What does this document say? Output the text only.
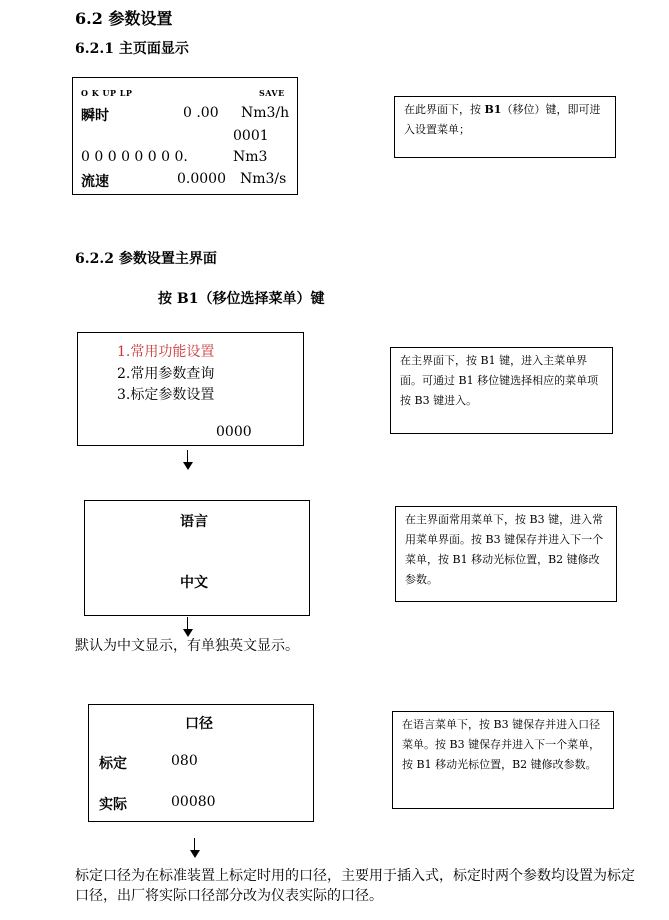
6.2 参数设置
6.2.1 主页面显示
O K UP LP	SAVE
瞬时	0 .00 Nm3/h
0001
0 0 0 0 0 0 0 0.	Nm3
流速	0.0000 Nm3/s
在此界面下，按 B1（移位）键，即可进入设置菜单；
6.2.2 参数设置主界面
按 B1（移位选择菜单）键
1.常用功能设置
2.常用参数查询
3.标定参数设置
0000
在主界面下，按 B1 键，进入主菜单界面。可通过 B1 移位键选择相应的菜单项按 B3 键进入。
语言
中文
在主界面常用菜单下，按 B3 键，进入常用菜单界面。按 B3 键保存并进入下一个菜单，按 B1 移动光标位置，B2 键修改参数。
默认为中文显示，有单独英文显示。
口径
标定	080
实际	00080
在语言菜单下，按 B3 键保存并进入口径菜单。按 B3 键保存并进入下一个菜单，按 B1 移动光标位置，B2 键修改参数。
标定口径为在标准装置上标定时用的口径，主要用于插入式，标定时两个参数均设置为标定口径，出厂将实际口径部分改为仪表实际的口径。
